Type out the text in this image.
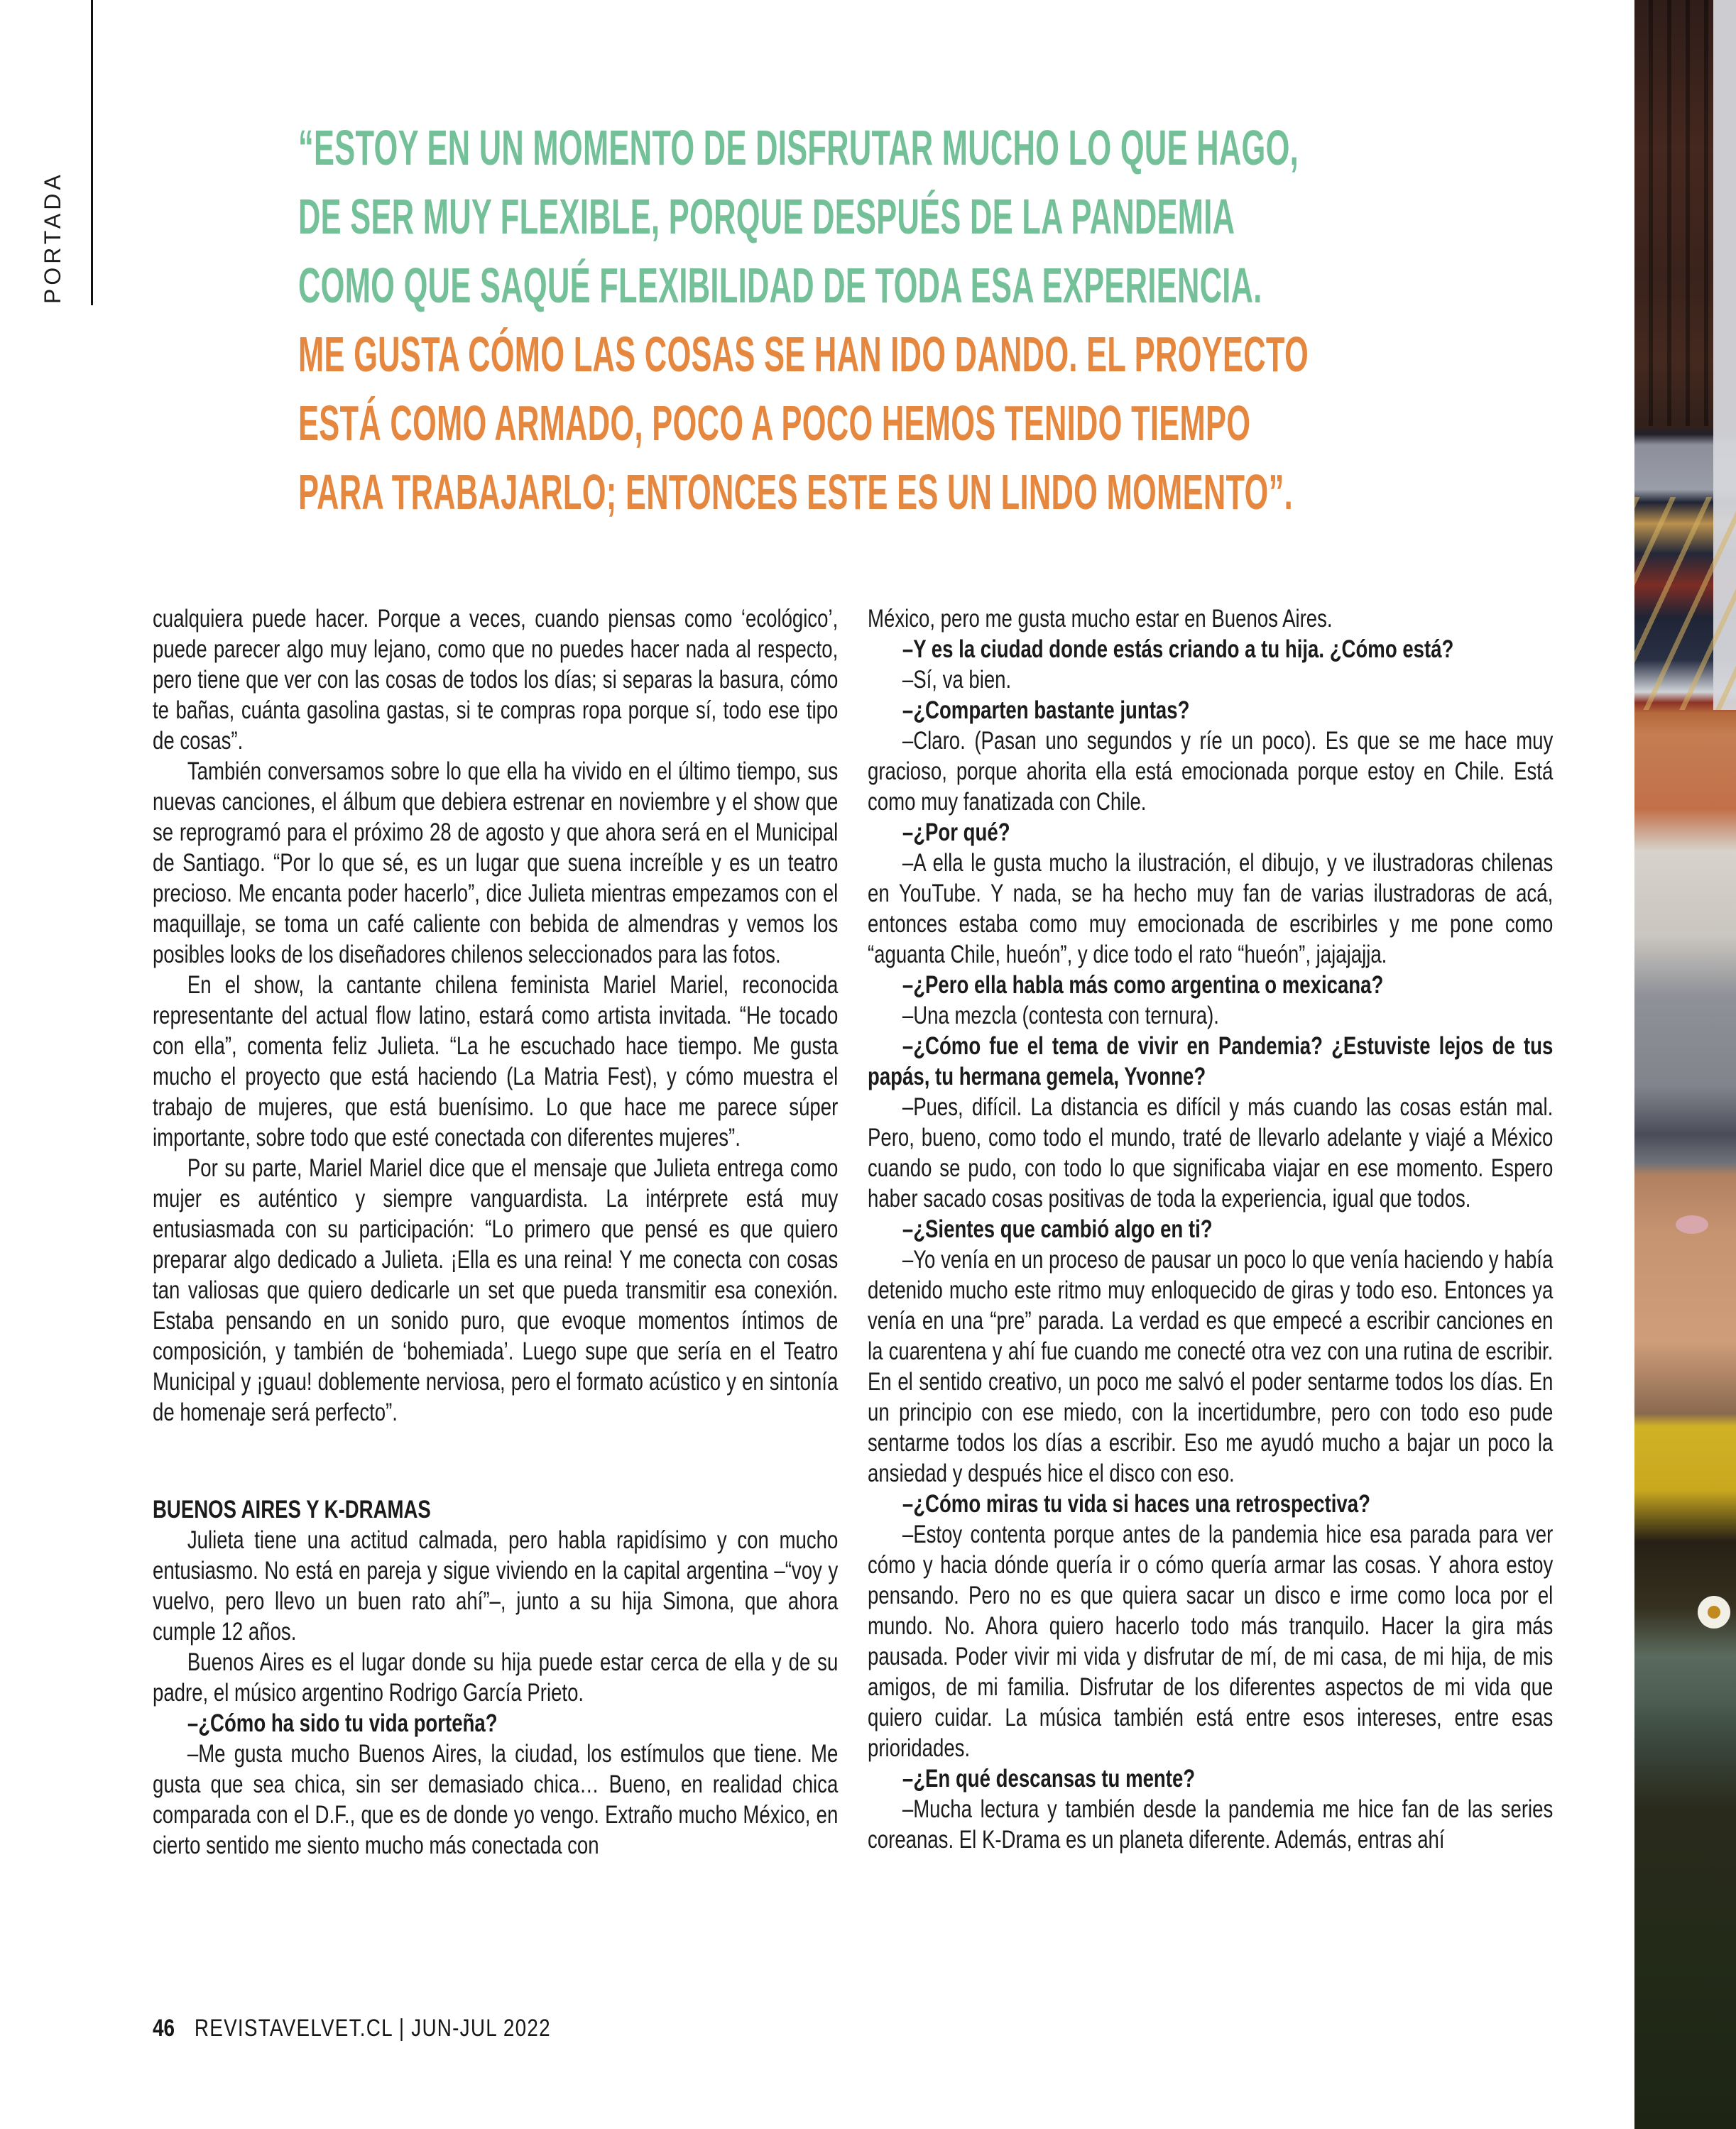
PORTADA
“ESTOY EN UN MOMENTO DE DISFRUTAR MUCHO LO QUE HAGO,
DE SER MUY FLEXIBLE, PORQUE DESPUÉS DE LA PANDEMIA
COMO QUE SAQUÉ FLEXIBILIDAD DE TODA ESA EXPERIENCIA.
ME GUSTA CÓMO LAS COSAS SE HAN IDO DANDO. EL PROYECTO
ESTÁ COMO ARMADO, POCO A POCO HEMOS TENIDO TIEMPO
PARA TRABAJARLO; ENTONCES ESTE ES UN LINDO MOMENTO”.
cualquiera puede hacer. Porque a veces, cuando piensas como ‘ecológico’, puede parecer algo muy lejano, como que no puedes hacer nada al respecto, pero tiene que ver con las cosas de todos los días; si separas la basura, cómo te bañas, cuánta gasolina gastas, si te compras ropa porque sí, todo ese tipo de cosas”.
También conversamos sobre lo que ella ha vivido en el último tiempo, sus nuevas canciones, el álbum que debiera estrenar en noviembre y el show que se reprogramó para el próximo 28 de agosto y que ahora será en el Municipal de Santiago. “Por lo que sé, es un lugar que suena increíble y es un teatro precioso. Me encanta poder hacerlo”, dice Julieta mientras empezamos con el maquillaje, se toma un café caliente con bebida de almendras y vemos los posibles looks de los diseñadores chilenos seleccionados para las fotos.
En el show, la cantante chilena feminista Mariel Mariel, reconocida representante del actual flow latino, estará como artista invitada. “He tocado con ella”, comenta feliz Julieta. “La he escuchado hace tiempo. Me gusta mucho el proyecto que está haciendo (La Matria Fest), y cómo muestra el trabajo de mujeres, que está buenísimo. Lo que hace me parece súper importante, sobre todo que esté conectada con diferentes mujeres”.
Por su parte, Mariel Mariel dice que el mensaje que Julieta entrega como mujer es auténtico y siempre vanguardista. La intérprete está muy entusiasmada con su participación: “Lo primero que pensé es que quiero preparar algo dedicado a Julieta. ¡Ella es una reina! Y me conecta con cosas tan valiosas que quiero dedicarle un set que pueda transmitir esa conexión. Estaba pensando en un sonido puro, que evoque momentos íntimos de composición, y también de ‘bohemiada’. Luego supe que sería en el Teatro Municipal y ¡guau! doblemente nerviosa, pero el formato acústico y en sintonía de homenaje será perfecto”.
BUENOS AIRES Y K-DRAMAS
Julieta tiene una actitud calmada, pero habla rapidísimo y con mucho entusiasmo. No está en pareja y sigue viviendo en la capital argentina –“voy y vuelvo, pero llevo un buen rato ahí”–, junto a su hija Simona, que ahora cumple 12 años.
Buenos Aires es el lugar donde su hija puede estar cerca de ella y de su padre, el músico argentino Rodrigo García Prieto.
–¿Cómo ha sido tu vida porteña?
–Me gusta mucho Buenos Aires, la ciudad, los estímulos que tiene. Me gusta que sea chica, sin ser demasiado chica… Bueno, en realidad chica comparada con el D.F., que es de donde yo vengo. Extraño mucho México, en cierto sentido me siento mucho más conectada con
México, pero me gusta mucho estar en Buenos Aires.
–Y es la ciudad donde estás criando a tu hija. ¿Cómo está?
–Sí, va bien.
–¿Comparten bastante juntas?
–Claro. (Pasan uno segundos y ríe un poco). Es que se me hace muy gracioso, porque ahorita ella está emocionada porque estoy en Chile. Está como muy fanatizada con Chile.
–¿Por qué?
–A ella le gusta mucho la ilustración, el dibujo, y ve ilustradoras chilenas en YouTube. Y nada, se ha hecho muy fan de varias ilustradoras de acá, entonces estaba como muy emocionada de escribirles y me pone como “aguanta Chile, hueón”, y dice todo el rato “hueón”, jajajajja.
–¿Pero ella habla más como argentina o mexicana?
–Una mezcla (contesta con ternura).
–¿Cómo fue el tema de vivir en Pandemia? ¿Estuviste lejos de tus papás, tu hermana gemela, Yvonne?
–Pues, difícil. La distancia es difícil y más cuando las cosas están mal. Pero, bueno, como todo el mundo, traté de llevarlo adelante y viajé a México cuando se pudo, con todo lo que significaba viajar en ese momento. Espero haber sacado cosas positivas de toda la experiencia, igual que todos.
–¿Sientes que cambió algo en ti?
–Yo venía en un proceso de pausar un poco lo que venía haciendo y había detenido mucho este ritmo muy enloquecido de giras y todo eso. Entonces ya venía en una “pre” parada. La verdad es que empecé a escribir canciones en la cuarentena y ahí fue cuando me conecté otra vez con una rutina de escribir. En el sentido creativo, un poco me salvó el poder sentarme todos los días. En un principio con ese miedo, con la incertidumbre, pero con todo eso pude sentarme todos los días a escribir. Eso me ayudó mucho a bajar un poco la ansiedad y después hice el disco con eso.
–¿Cómo miras tu vida si haces una retrospectiva?
–Estoy contenta porque antes de la pandemia hice esa parada para ver cómo y hacia dónde quería ir o cómo quería armar las cosas. Y ahora estoy pensando. Pero no es que quiera sacar un disco e irme como loca por el mundo. No. Ahora quiero hacerlo todo más tranquilo. Hacer la gira más pausada. Poder vivir mi vida y disfrutar de mí, de mi casa, de mi hija, de mis amigos, de mi familia. Disfrutar de los diferentes aspectos de mi vida que quiero cuidar. La música también está entre esos intereses, entre esas prioridades.
–¿En qué descansas tu mente?
–Mucha lectura y también desde la pandemia me hice fan de las series coreanas. El K-Drama es un planeta diferente. Además, entras ahí
46 REVISTAVELVET.CL | JUN-JUL 2022
